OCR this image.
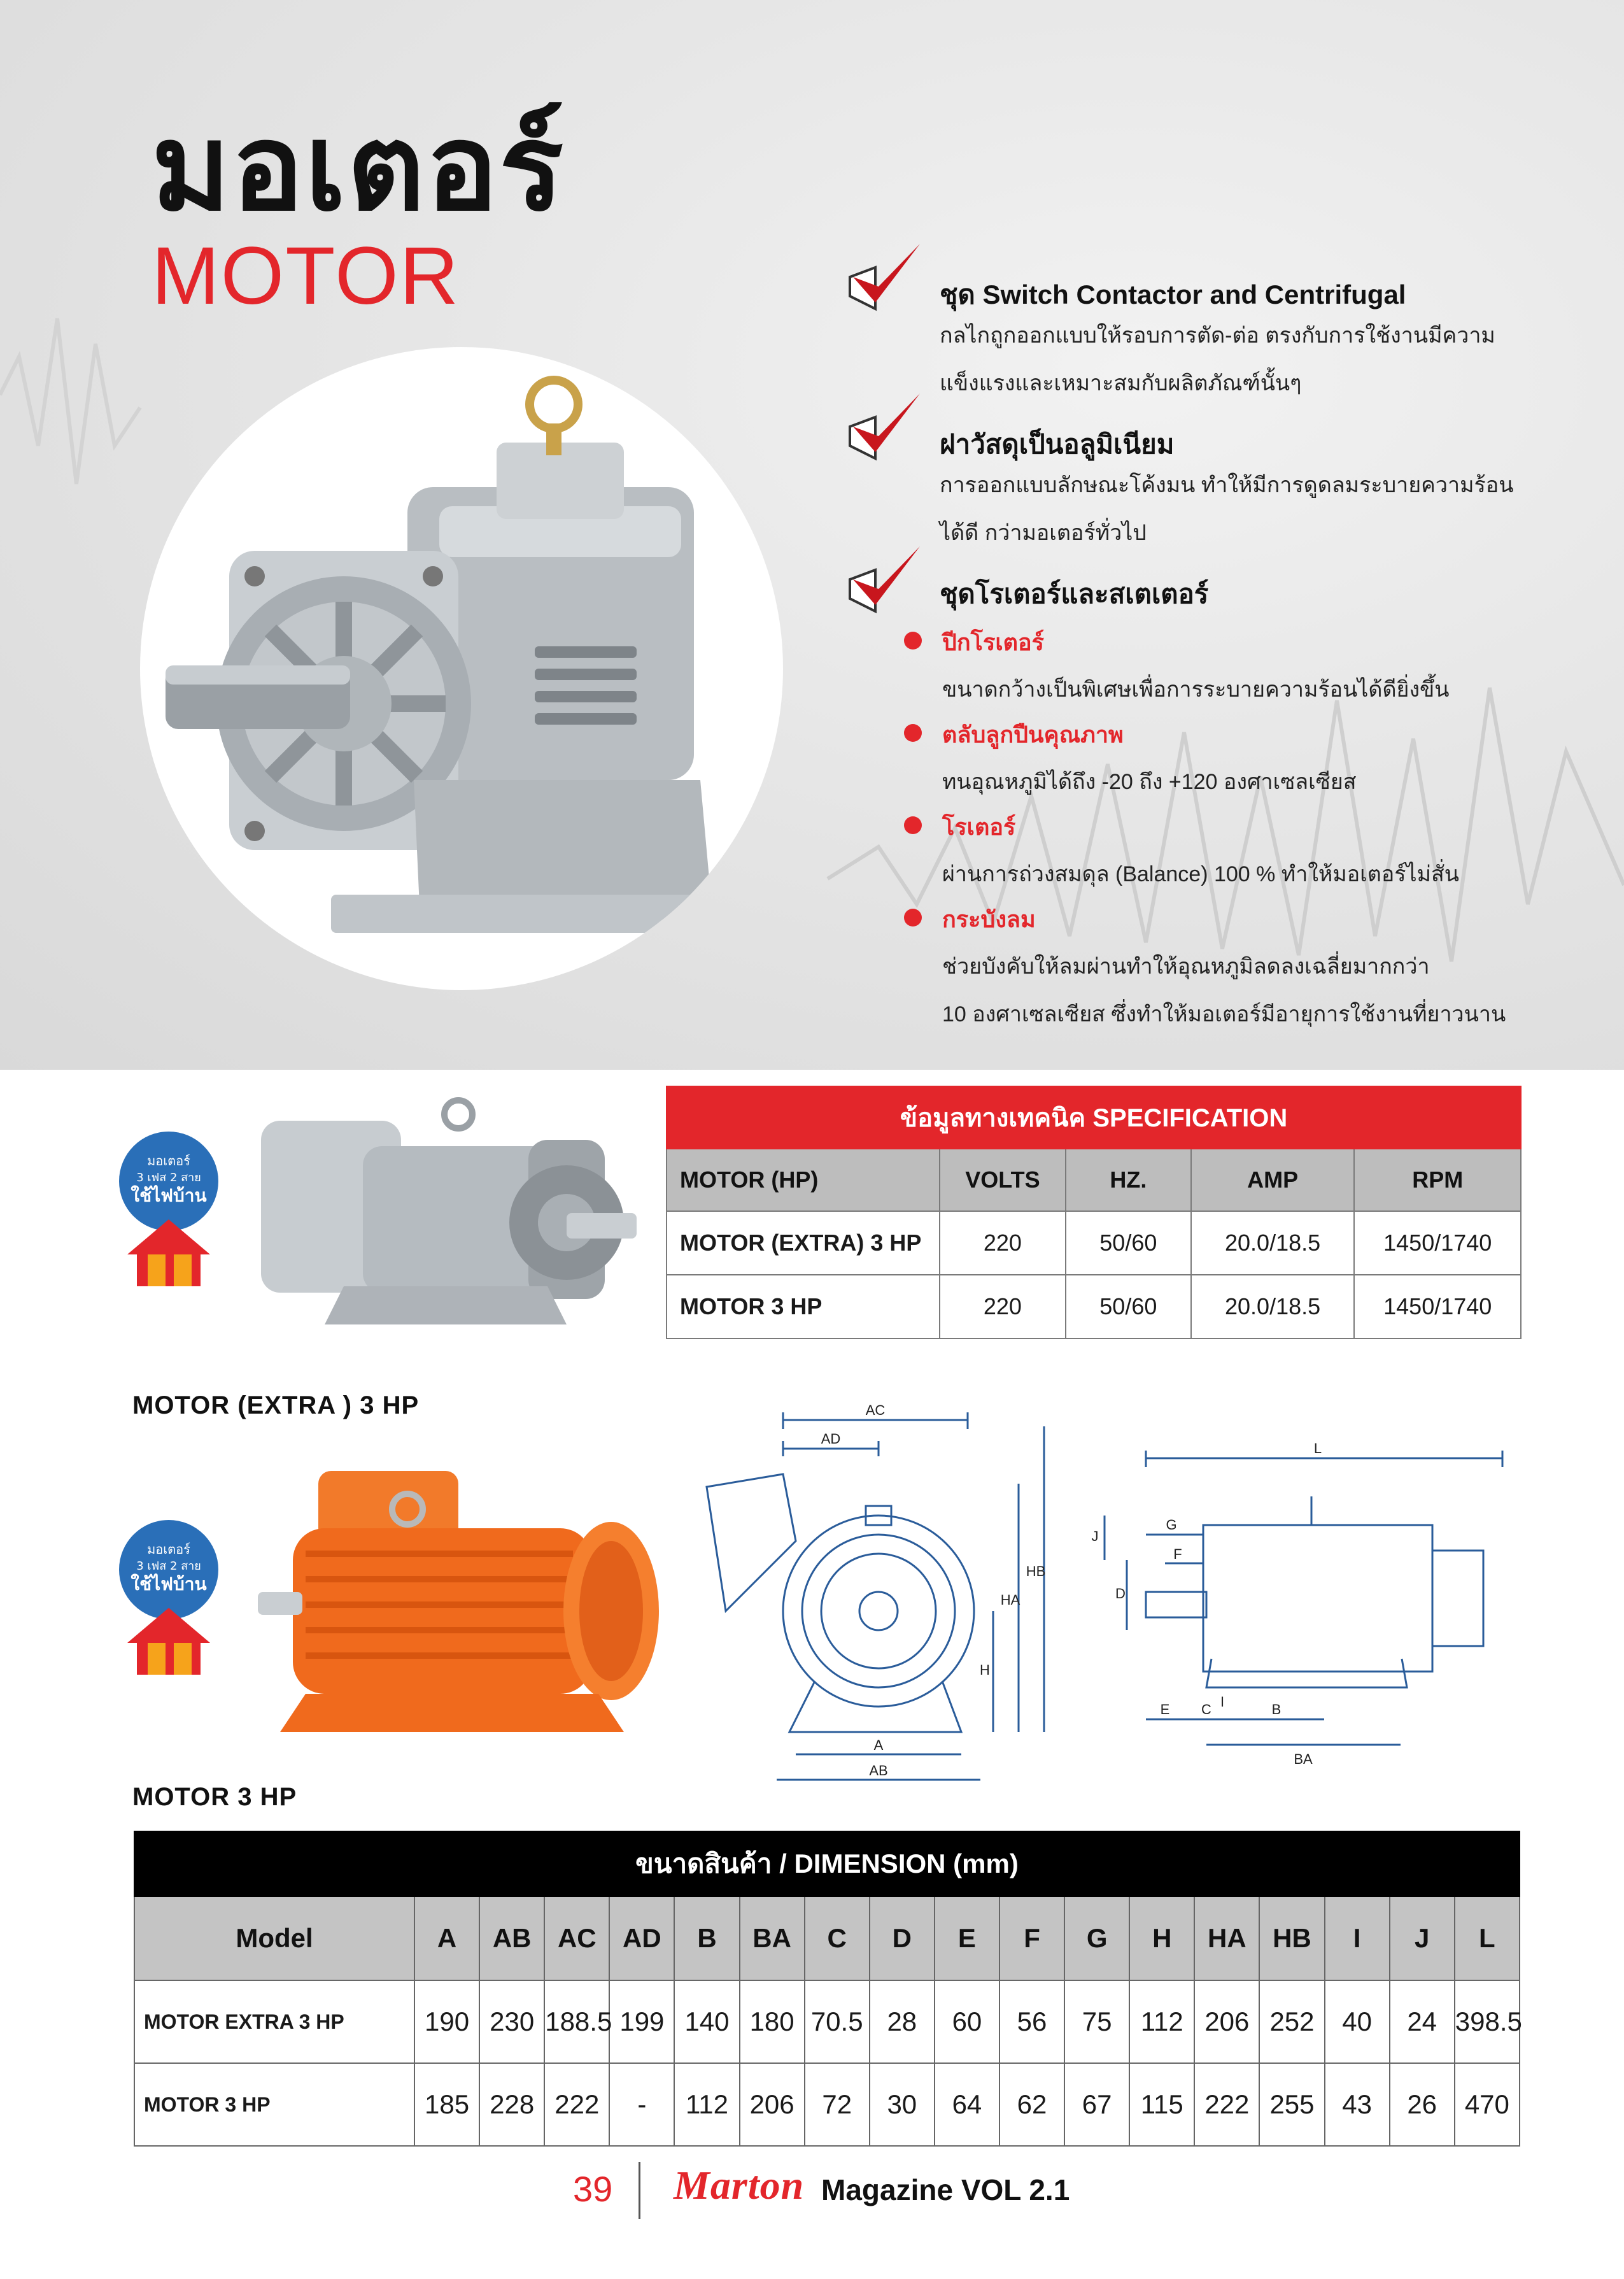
มอเตอร์
MOTOR	ชุด Switch Contactor and Centrifugal
กลไกถูกออกแบบให้รอบการตัด-ต่อ ตรงกับการใช้งานมีความ
แข็งแรงและเหมาะสมกับผลิตภัณฑ์นั้นๆ
ฝาวัสดุเป็นอลูมิเนียม
การออกแบบลักษณะโค้งมน ทำให้มีการดูดลมระบายความร้อน
ได้ดี กว่ามอเตอร์ทั่วไป
ชุดโรเตอร์และสเตเตอร์
ปีกโรเตอร์
ขนาดกว้างเป็นพิเศษเพื่อการระบายความร้อนได้ดียิ่งขึ้น
ตลับลูกปืนคุณภาพ
ทนอุณหภูมิได้ถึง -20 ถึง +120 องศาเซลเซียส
โรเตอร์
ผ่านการถ่วงสมดุล (Balance) 100 % ทำให้มอเตอร์ไม่สั่น
กระบังลม
ช่วยบังคับให้ลมผ่านทำให้อุณหภูมิลดลงเฉลี่ยมากกว่า
10 องศาเซลเซียส ซึ่งทำให้มอเตอร์มีอายุการใช้งานที่ยาวนาน
มอเตอร์
3 เฟส 2 สาย
ใช้ไฟบ้าน
MOTOR (EXTRA ) 3 HP
ข้อมูลทางเทคนิค SPECIFICATION				
MOTOR (HP)	VOLTS	HZ.	AMP	RPM
MOTOR (EXTRA) 3 HP	220	50/60	20.0/18.5	1450/1740
MOTOR 3 HP	220	50/60	20.0/18.5	1450/1740
มอเตอร์
3 เฟส 2 สาย
ใช้ไฟบ้าน
MOTOR 3 HP
AC
AD
A
AB
HA
HB
H
L
G
F
D
J
I
E C	B
BA
ขนาดสินค้า / DIMENSION (mm)																	
Model	A	AB	AC	AD	B	BA	C	D	E	F	G	H	HA	HB	I	J	L
MOTOR EXTRA 3 HP	190	230	188.5	199	140	180	70.5	28	60	56	75	112	206	252	40	24	398.5
MOTOR 3 HP	185	228	222	-	112	206	72	30	64	62	67	115	222	255	43	26	470
39 Marton Magazine VOL 2.1
